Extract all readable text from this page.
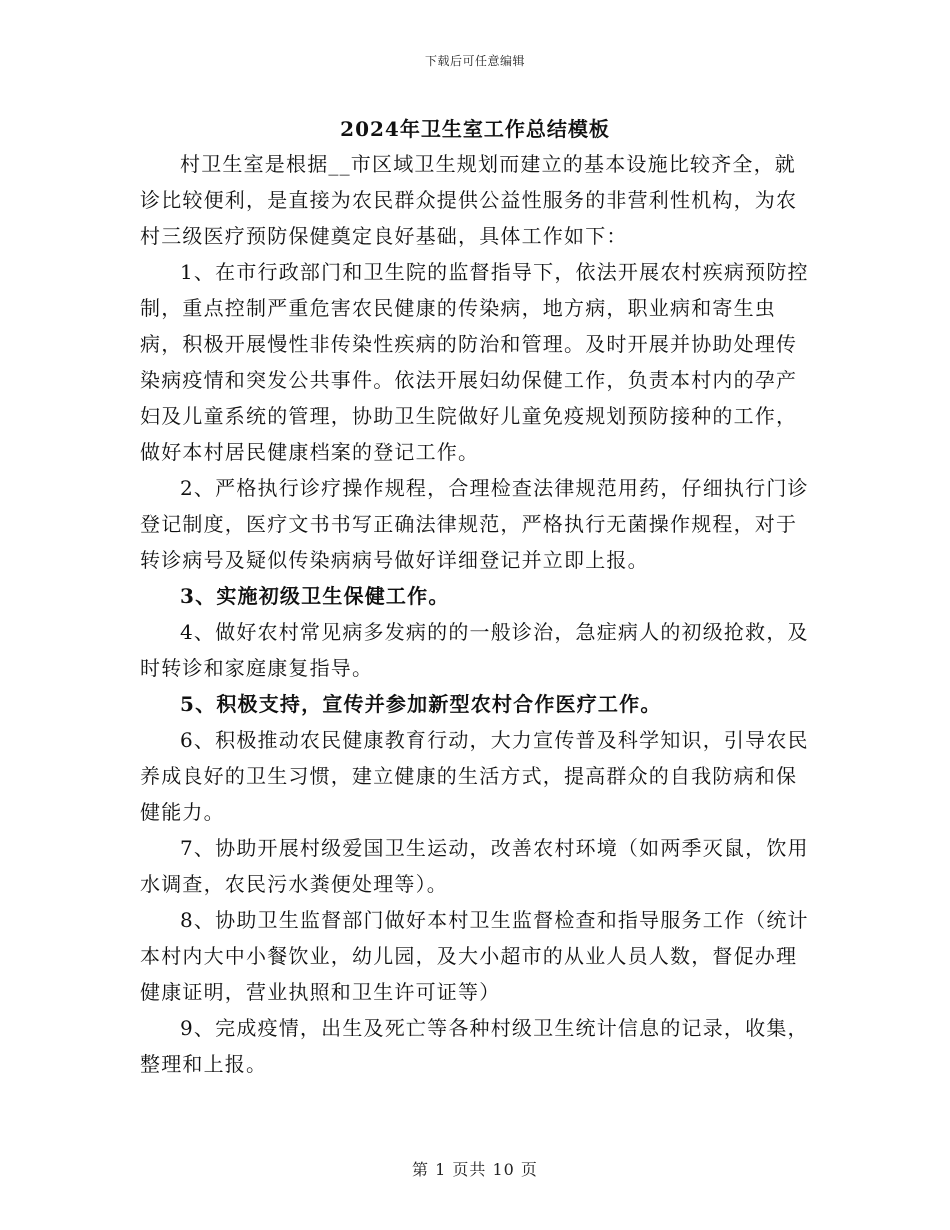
下载后可任意编辑
2024年卫生室工作总结模板

村卫生室是根据__市区域卫生规划而建立的基本设施比较齐全，就诊比较便利，是直接为农民群众提供公益性服务的非营利性机构，为农村三级医疗预防保健奠定良好基础，具体工作如下：

1、在市行政部门和卫生院的监督指导下，依法开展农村疾病预防控制，重点控制严重危害农民健康的传染病，地方病，职业病和寄生虫病，积极开展慢性非传染性疾病的防治和管理。及时开展并协助处理传染病疫情和突发公共事件。依法开展妇幼保健工作，负责本村内的孕产妇及儿童系统的管理，协助卫生院做好儿童免疫规划预防接种的工作，做好本村居民健康档案的登记工作。

2、严格执行诊疗操作规程，合理检查法律规范用药，仔细执行门诊登记制度，医疗文书书写正确法律规范，严格执行无菌操作规程，对于转诊病号及疑似传染病病号做好详细登记并立即上报。

3、实施初级卫生保健工作。

4、做好农村常见病多发病的的一般诊治，急症病人的初级抢救，及时转诊和家庭康复指导。

5、积极支持，宣传并参加新型农村合作医疗工作。

6、积极推动农民健康教育行动，大力宣传普及科学知识，引导农民养成良好的卫生习惯，建立健康的生活方式，提高群众的自我防病和保健能力。

7、协助开展村级爱国卫生运动，改善农村环境（如两季灭鼠，饮用水调查，农民污水粪便处理等）。

8、协助卫生监督部门做好本村卫生监督检查和指导服务工作（统计本村内大中小餐饮业，幼儿园，及大小超市的从业人员人数，督促办理健康证明，营业执照和卫生许可证等）

9、完成疫情，出生及死亡等各种村级卫生统计信息的记录，收集，整理和上报。

第 1 页共 10 页
